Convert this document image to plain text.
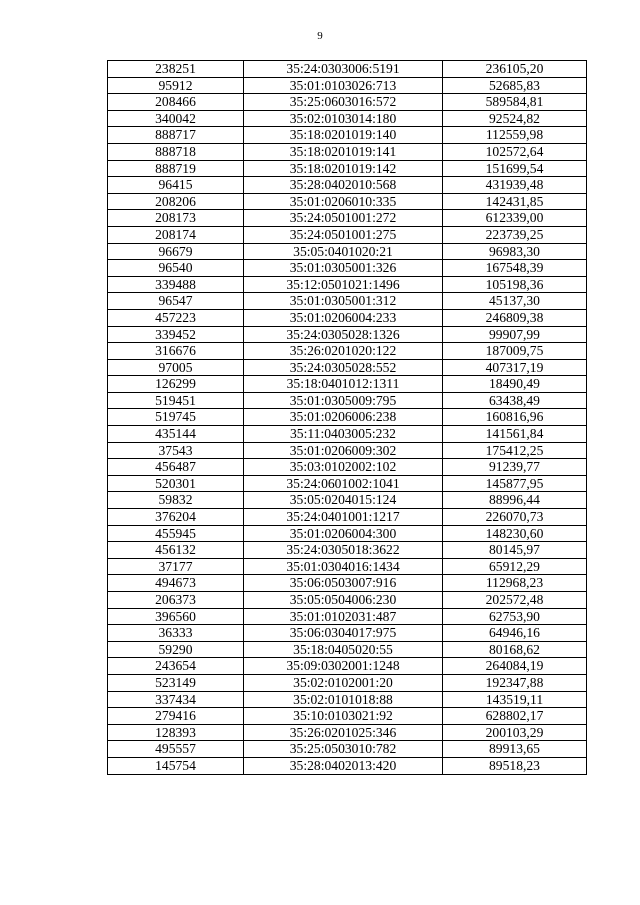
9
238251	35:24:0303006:5191	236105,20
95912	35:01:0103026:713	52685,83
208466	35:25:0603016:572	589584,81
340042	35:02:0103014:180	92524,82
888717	35:18:0201019:140	112559,98
888718	35:18:0201019:141	102572,64
888719	35:18:0201019:142	151699,54
96415	35:28:0402010:568	431939,48
208206	35:01:0206010:335	142431,85
208173	35:24:0501001:272	612339,00
208174	35:24:0501001:275	223739,25
96679	35:05:0401020:21	96983,30
96540	35:01:0305001:326	167548,39
339488	35:12:0501021:1496	105198,36
96547	35:01:0305001:312	45137,30
457223	35:01:0206004:233	246809,38
339452	35:24:0305028:1326	99907,99
316676	35:26:0201020:122	187009,75
97005	35:24:0305028:552	407317,19
126299	35:18:0401012:1311	18490,49
519451	35:01:0305009:795	63438,49
519745	35:01:0206006:238	160816,96
435144	35:11:0403005:232	141561,84
37543	35:01:0206009:302	175412,25
456487	35:03:0102002:102	91239,77
520301	35:24:0601002:1041	145877,95
59832	35:05:0204015:124	88996,44
376204	35:24:0401001:1217	226070,73
455945	35:01:0206004:300	148230,60
456132	35:24:0305018:3622	80145,97
37177	35:01:0304016:1434	65912,29
494673	35:06:0503007:916	112968,23
206373	35:05:0504006:230	202572,48
396560	35:01:0102031:487	62753,90
36333	35:06:0304017:975	64946,16
59290	35:18:0405020:55	80168,62
243654	35:09:0302001:1248	264084,19
523149	35:02:0102001:20	192347,88
337434	35:02:0101018:88	143519,11
279416	35:10:0103021:92	628802,17
128393	35:26:0201025:346	200103,29
495557	35:25:0503010:782	89913,65
145754	35:28:0402013:420	89518,23
